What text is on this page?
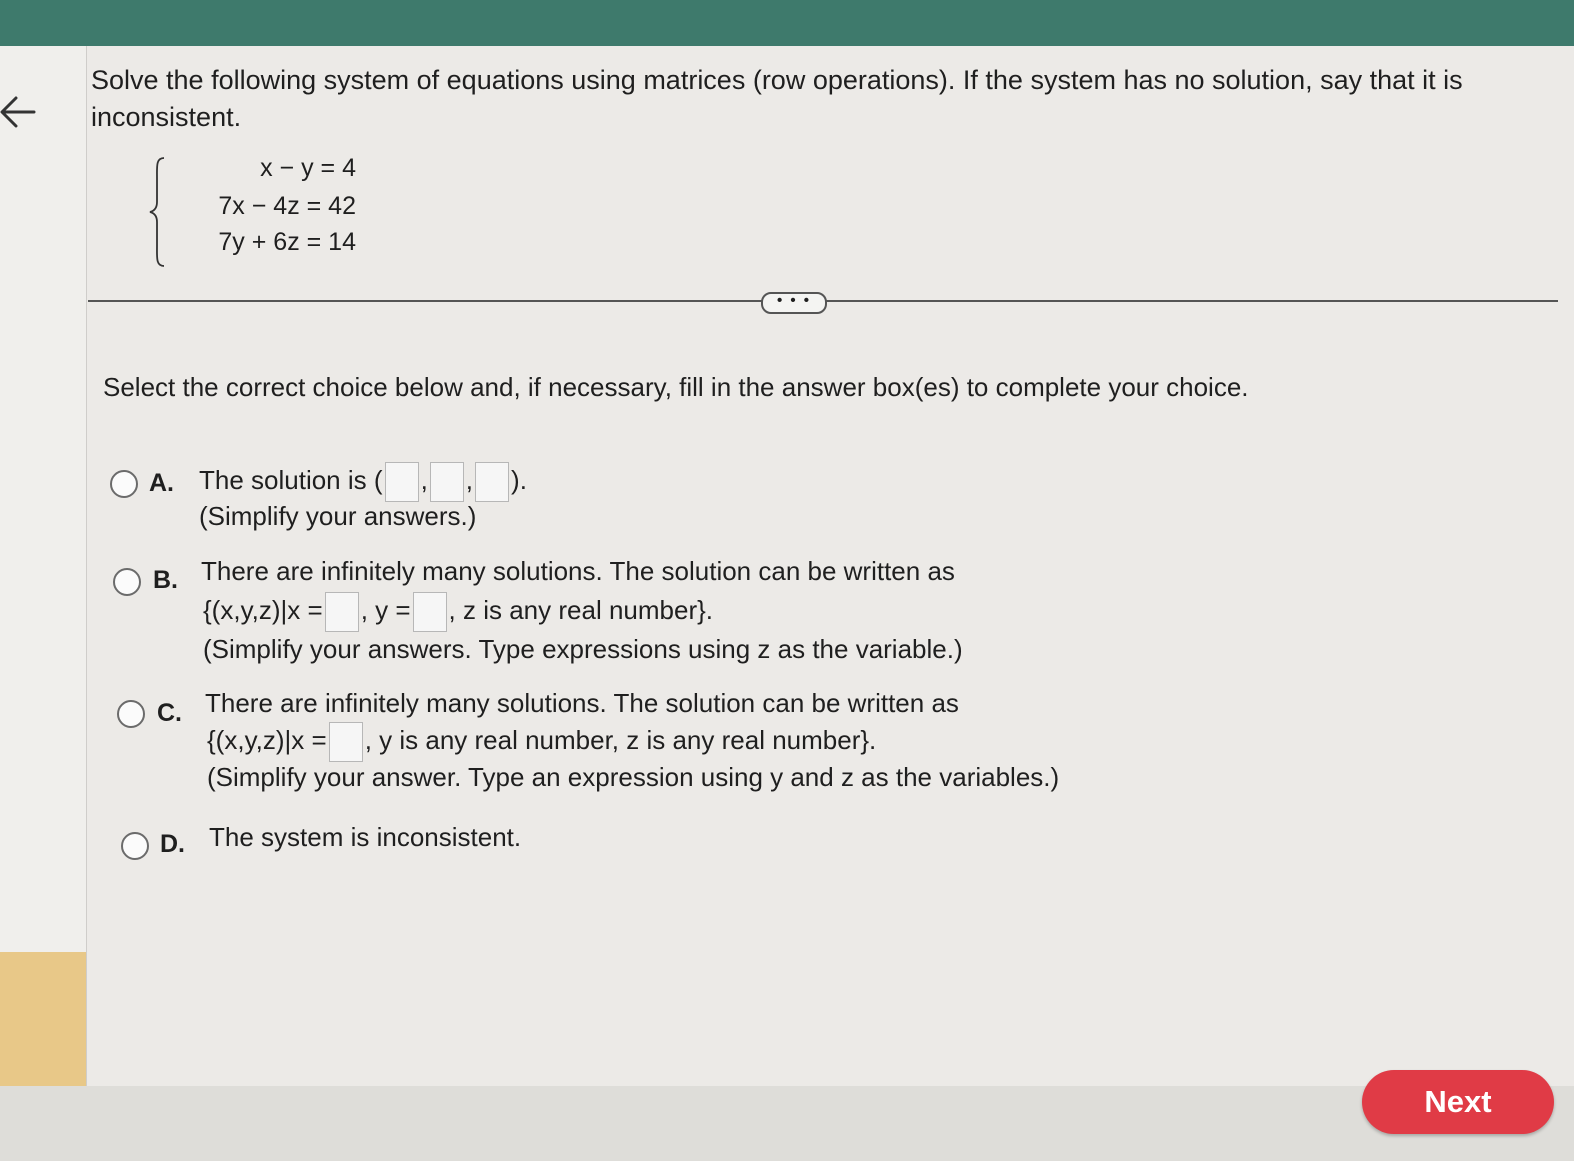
Solve the following system of equations using matrices (row operations). If the system has no solution, say that it is inconsistent.
x − y = 4
7x − 4z = 42
7y + 6z = 14
• • •
Select the correct choice below and, if necessary, fill in the answer box(es) to complete your choice.
A. The solution is ( , , ).
(Simplify your answers.)
B. There are infinitely many solutions. The solution can be written as
{(x,y,z)|x = , y = , z is any real number}.
(Simplify your answers. Type expressions using z as the variable.)
C. There are infinitely many solutions. The solution can be written as
{(x,y,z)|x = , y is any real number, z is any real number}.
(Simplify your answer. Type an expression using y and z as the variables.)
D. The system is inconsistent.
Next
